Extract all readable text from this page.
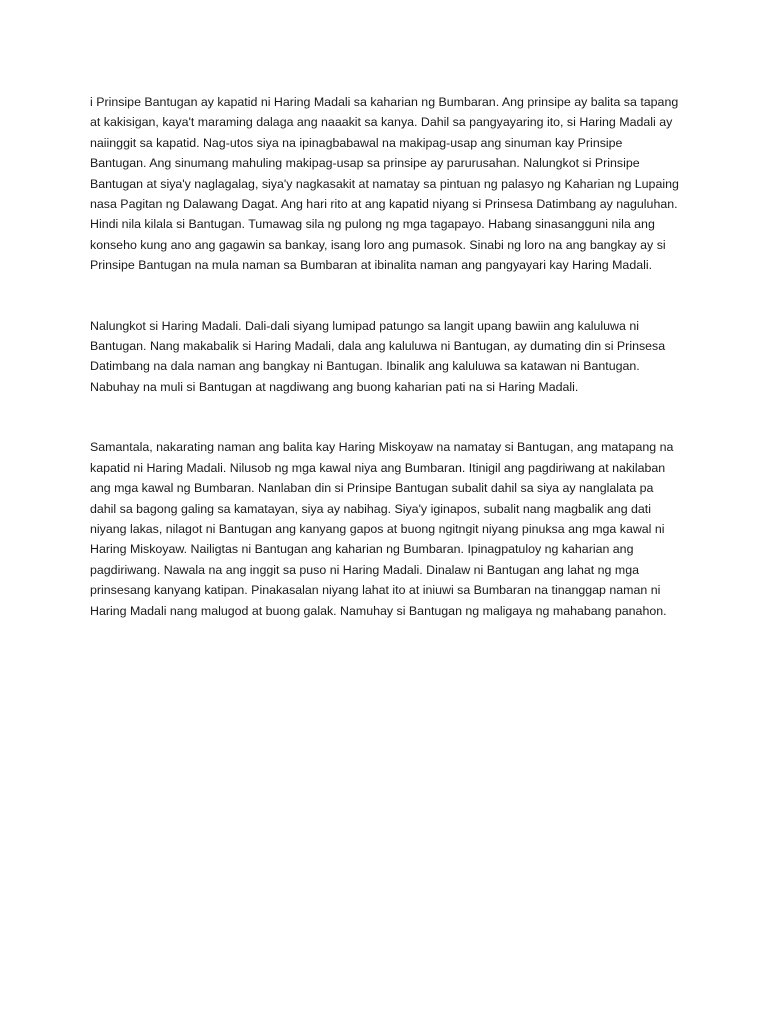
i Prinsipe Bantugan ay kapatid ni Haring Madali sa kaharian ng Bumbaran. Ang prinsipe ay balita sa tapang at kakisigan, kaya't maraming dalaga ang naaakit sa kanya. Dahil sa pangyayaring ito, si Haring Madali ay naiinggit sa kapatid. Nag-utos siya na ipinagbabawal na makipag-usap ang sinuman kay Prinsipe Bantugan. Ang sinumang mahuling makipag-usap sa prinsipe ay parurusahan. Nalungkot si Prinsipe Bantugan at siya'y naglagalag, siya'y nagkasakit at namatay sa pintuan ng palasyo ng Kaharian ng Lupaing nasa Pagitan ng Dalawang Dagat. Ang hari rito at ang kapatid niyang si Prinsesa Datimbang ay naguluhan. Hindi nila kilala si Bantugan. Tumawag sila ng pulong ng mga tagapayo. Habang sinasangguni nila ang konseho kung ano ang gagawin sa bankay, isang loro ang pumasok. Sinabi ng loro na ang bangkay ay si Prinsipe Bantugan na mula naman sa Bumbaran at ibinalita naman ang pangyayari kay Haring Madali.

Nalungkot si Haring Madali. Dali-dali siyang lumipad patungo sa langit upang bawiin ang kaluluwa ni Bantugan. Nang makabalik si Haring Madali, dala ang kaluluwa ni Bantugan, ay dumating din si Prinsesa Datimbang na dala naman ang bangkay ni Bantugan. Ibinalik ang kaluluwa sa katawan ni Bantugan. Nabuhay na muli si Bantugan at nagdiwang ang buong kaharian pati na si Haring Madali.

Samantala, nakarating naman ang balita kay Haring Miskoyaw na namatay si Bantugan, ang matapang na kapatid ni Haring Madali. Nilusob ng mga kawal niya ang Bumbaran. Itinigil ang pagdiriwang at nakilaban ang mga kawal ng Bumbaran. Nanlaban din si Prinsipe Bantugan subalit dahil sa siya ay nanglalata pa dahil sa bagong galing sa kamatayan, siya ay nabihag. Siya'y iginapos, subalit nang magbalik ang dati niyang lakas, nilagot ni Bantugan ang kanyang gapos at buong ngitngit niyang pinuksa ang mga kawal ni Haring Miskoyaw. Nailigtas ni Bantugan ang kaharian ng Bumbaran. Ipinagpatuloy ng kaharian ang pagdiriwang. Nawala na ang inggit sa puso ni Haring Madali. Dinalaw ni Bantugan ang lahat ng mga prinsesang kanyang katipan. Pinakasalan niyang lahat ito at iniuwi sa Bumbaran na tinanggap naman ni Haring Madali nang malugod at buong galak. Namuhay si Bantugan ng maligaya ng mahabang panahon.
